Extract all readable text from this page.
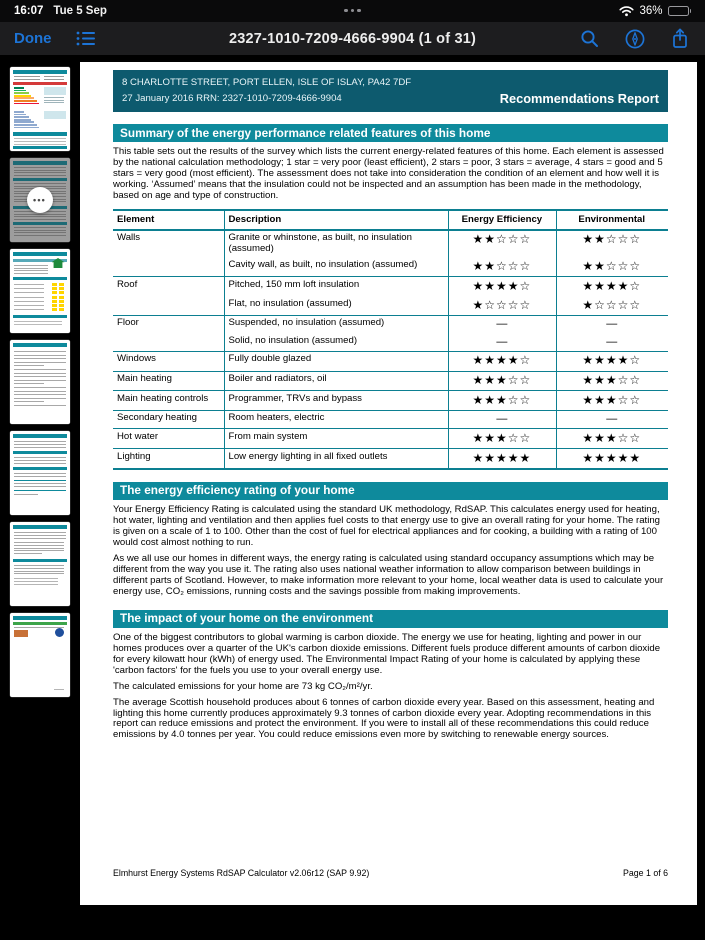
16:07 Tue 5 Sep	36%
2327-1010-7209-4666-9904 (1 of 31)
Done
•••
8 CHARLOTTE STREET, PORT ELLEN, ISLE OF ISLAY, PA42 7DF
27 January 2016 RRN: 2327-1010-7209-4666-9904	Recommendations Report
Summary of the energy performance related features of this home

This table sets out the results of the survey which lists the current energy-related features of this home. Each element is assessed by the national calculation methodology; 1 star = very poor (least efficient), 2 stars = poor, 3 stars = average, 4 stars = good and 5 stars = very good (most efficient). The assessment does not take into consideration the condition of an element and how well it is working. ‘Assumed’ means that the insulation could not be inspected and an assumption has been made in the methodology, based on age and type of construction.

Element	Description	Energy Efficiency	Environmental
Walls	Granite or whinstone, as built, no insulation (assumed)	★★☆☆☆	★★☆☆☆
	Cavity wall, as built, no insulation (assumed)	★★☆☆☆	★★☆☆☆
Roof	Pitched, 150 mm loft insulation	★★★★☆	★★★★☆
	Flat, no insulation (assumed)	★☆☆☆☆	★☆☆☆☆
Floor	Suspended, no insulation (assumed)	—	—
	Solid, no insulation (assumed)	—	—
Windows	Fully double glazed	★★★★☆	★★★★☆
Main heating	Boiler and radiators, oil	★★★☆☆	★★★☆☆
Main heating controls	Programmer, TRVs and bypass	★★★☆☆	★★★☆☆
Secondary heating	Room heaters, electric	—	—
Hot water	From main system	★★★☆☆	★★★☆☆
Lighting	Low energy lighting in all fixed outlets	★★★★★	★★★★★
The energy efficiency rating of your home

Your Energy Efficiency Rating is calculated using the standard UK methodology, RdSAP. This calculates energy used for heating, hot water, lighting and ventilation and then applies fuel costs to that energy use to give an overall rating for your home. The rating is given on a scale of 1 to 100. Other than the cost of fuel for electrical appliances and for cooking, a building with a rating of 100 would cost almost nothing to run.

As we all use our homes in different ways, the energy rating is calculated using standard occupancy assumptions which may be different from the way you use it. The rating also uses national weather information to allow comparison between buildings in different parts of Scotland. However, to make information more relevant to your home, local weather data is used to calculate your energy use, CO₂ emissions, running costs and the savings possible from making improvements.

The impact of your home on the environment

One of the biggest contributors to global warming is carbon dioxide. The energy we use for heating, lighting and power in our homes produces over a quarter of the UK's carbon dioxide emissions. Different fuels produce different amounts of carbon dioxide for every kilowatt hour (kWh) of energy used. The Environmental Impact Rating of your home is calculated by applying these 'carbon factors' for the fuels you use to your overall energy use.

The calculated emissions for your home are 73 kg CO₂/m²/yr.

The average Scottish household produces about 6 tonnes of carbon dioxide every year. Based on this assessment, heating and lighting this home currently produces approximately 9.3 tonnes of carbon dioxide every year. Adopting recommendations in this report can reduce emissions and protect the environment. If you were to install all of these recommendations this could reduce emissions by 4.0 tonnes per year. You could reduce emissions even more by switching to renewable energy sources.

Elmhurst Energy Systems RdSAP Calculator v2.06r12 (SAP 9.92)	Page 1 of 6
